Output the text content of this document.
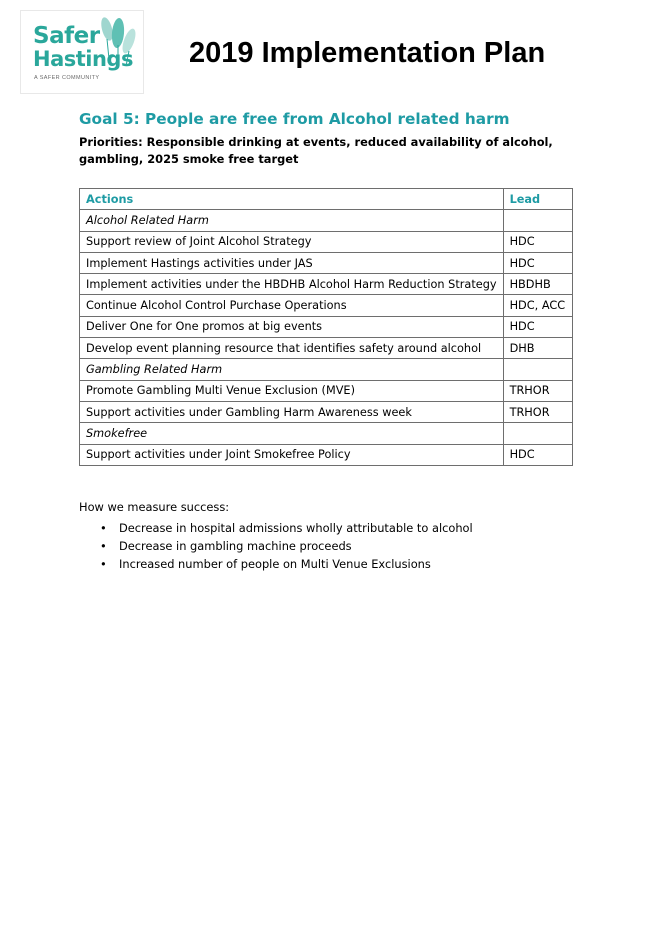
Safer
Hastings
A SAFER COMMUNITY
2019 Implementation Plan
Goal 5: People are free from Alcohol related harm
Priorities: Responsible drinking at events, reduced availability of alcohol, gambling, 2025 smoke free target
Actions	Lead
Alcohol Related Harm	
Support review of Joint Alcohol Strategy	HDC
Implement Hastings activities under JAS	HDC
Implement activities under the HBDHB Alcohol Harm Reduction Strategy	HBDHB
Continue Alcohol Control Purchase Operations	HDC, ACC
Deliver One for One promos at big events	HDC
Develop event planning resource that identifies safety around alcohol	DHB
Gambling Related Harm	
Promote Gambling Multi Venue Exclusion (MVE)	TRHOR
Support activities under Gambling Harm Awareness week	TRHOR
Smokefree	
Support activities under Joint Smokefree Policy	HDC
How we measure success:
• Decrease in hospital admissions wholly attributable to alcohol
• Decrease in gambling machine proceeds
• Increased number of people on Multi Venue Exclusions
